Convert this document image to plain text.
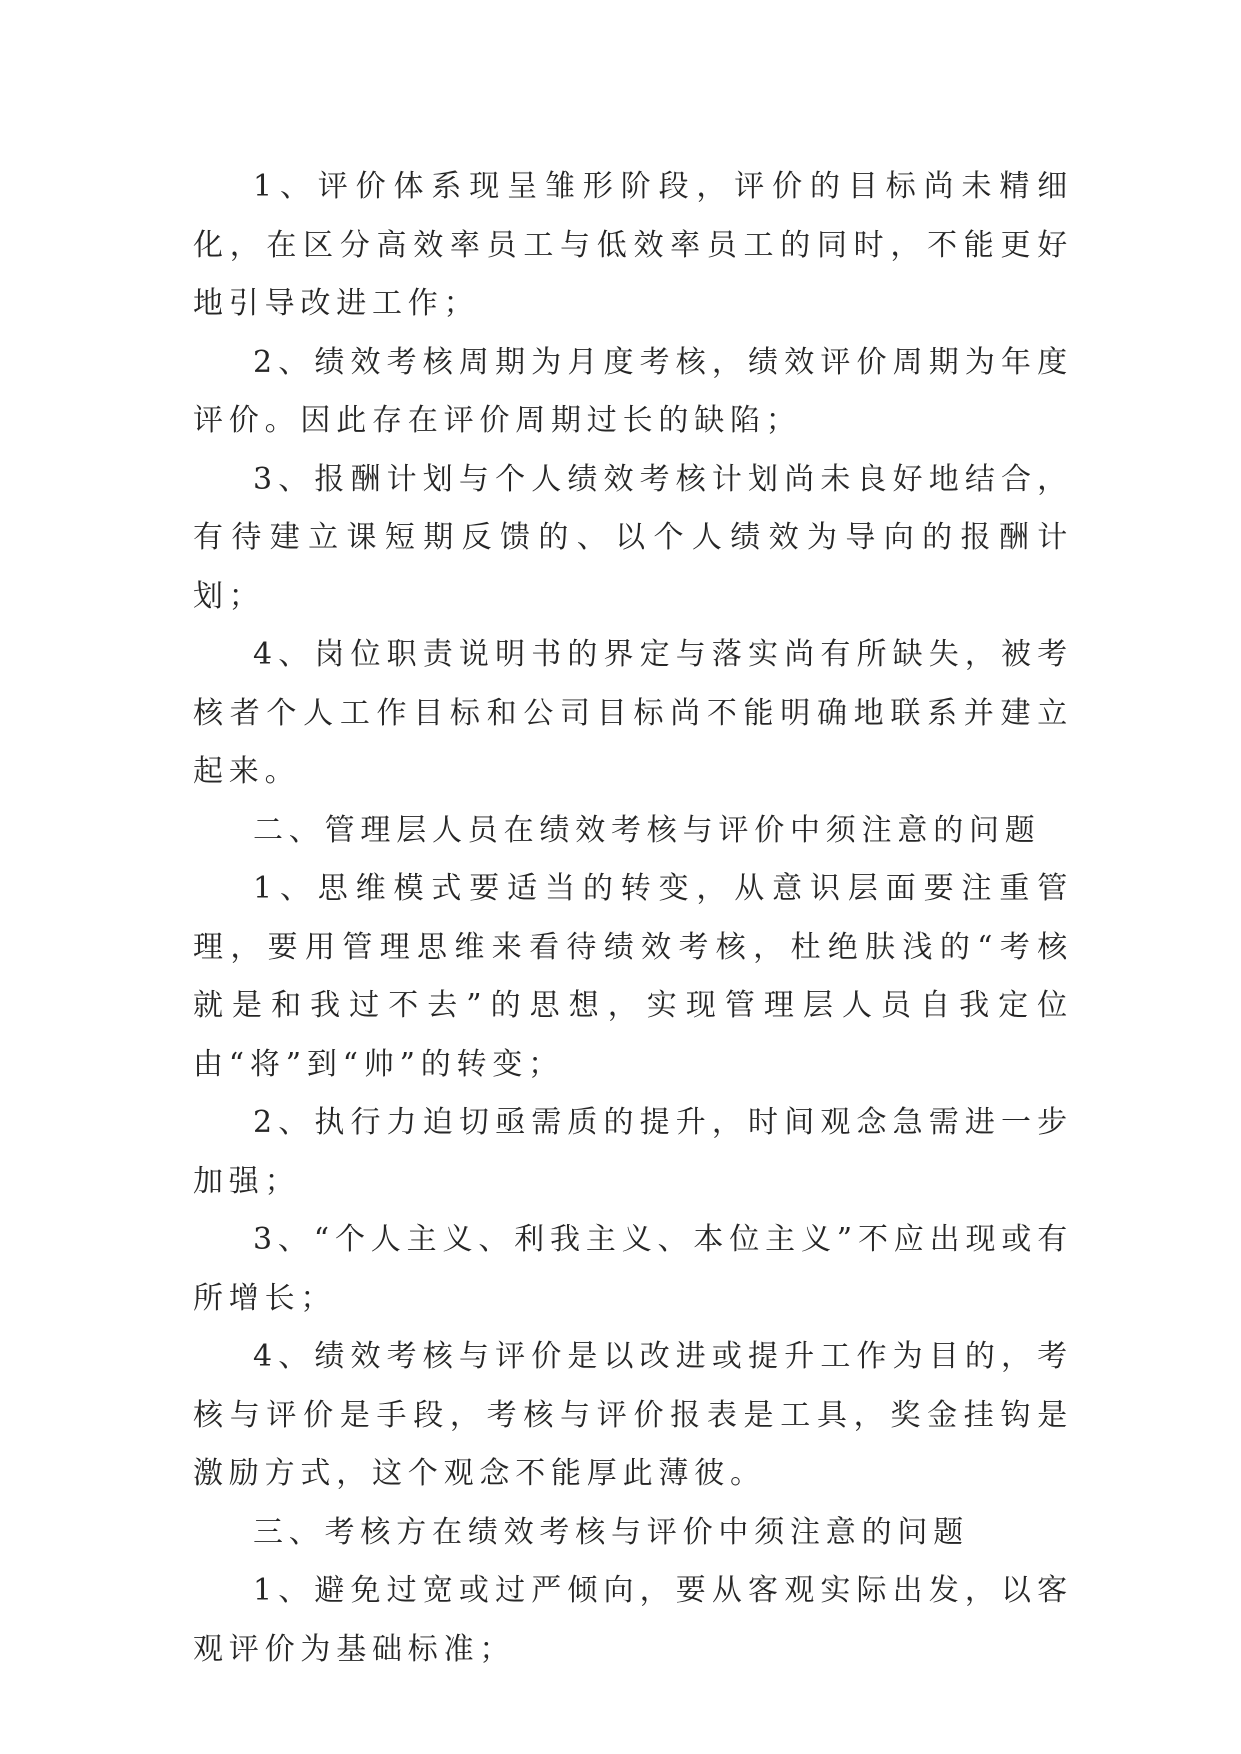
1、评价体系现呈雏形阶段，评价的目标尚未精细化，在区分高效率员工与低效率员工的同时，不能更好地引导改进工作；

2、绩效考核周期为月度考核，绩效评价周期为年度评价。因此存在评价周期过长的缺陷；

3、报酬计划与个人绩效考核计划尚未良好地结合，有待建立课短期反馈的、以个人绩效为导向的报酬计划；

4、岗位职责说明书的界定与落实尚有所缺失，被考核者个人工作目标和公司目标尚不能明确地联系并建立起来。

二、管理层人员在绩效考核与评价中须注意的问题

1、思维模式要适当的转变，从意识层面要注重管理，要用管理思维来看待绩效考核，杜绝肤浅的“考核就是和我过不去”的思想，实现管理层人员自我定位由“将”到“帅”的转变；

2、执行力迫切亟需质的提升，时间观念急需进一步加强；

3、“个人主义、利我主义、本位主义”不应出现或有所增长；

4、绩效考核与评价是以改进或提升工作为目的，考核与评价是手段，考核与评价报表是工具，奖金挂钩是激励方式，这个观念不能厚此薄彼。

三、考核方在绩效考核与评价中须注意的问题

1、避免过宽或过严倾向，要从客观实际出发，以客观评价为基础标准；
